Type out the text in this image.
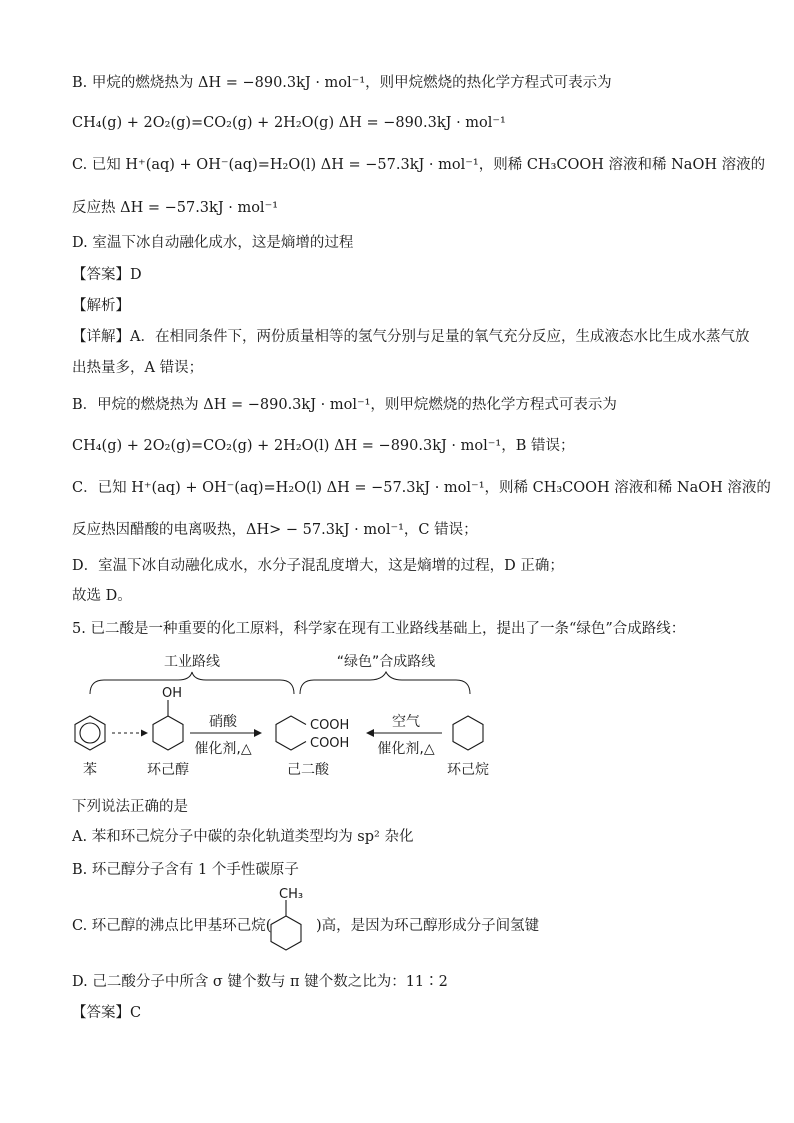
B. 甲烷的燃烧热为 ΔH = −890.3kJ · mol⁻¹，则甲烷燃烧的热化学方程式可表示为
CH₄(g) + 2O₂(g)=CO₂(g) + 2H₂O(g) ΔH = −890.3kJ · mol⁻¹
C. 已知 H⁺(aq) + OH⁻(aq)=H₂O(l) ΔH = −57.3kJ · mol⁻¹，则稀 CH₃COOH 溶液和稀 NaOH 溶液的
反应热 ΔH = −57.3kJ · mol⁻¹
D. 室温下冰自动融化成水，这是熵增的过程
【答案】D
【解析】
【详解】A．在相同条件下，两份质量相等的氢气分别与足量的氧气充分反应，生成液态水比生成水蒸气放
出热量多，A 错误；
B．甲烷的燃烧热为 ΔH = −890.3kJ · mol⁻¹，则甲烷燃烧的热化学方程式可表示为
CH₄(g) + 2O₂(g)=CO₂(g) + 2H₂O(l) ΔH = −890.3kJ · mol⁻¹，B 错误；
C．已知 H⁺(aq) + OH⁻(aq)=H₂O(l) ΔH = −57.3kJ · mol⁻¹，则稀 CH₃COOH 溶液和稀 NaOH 溶液的
反应热因醋酸的电离吸热，ΔH> − 57.3kJ · mol⁻¹，C 错误；
D．室温下冰自动融化成水，水分子混乱度增大，这是熵增的过程，D 正确；
故选 D。
5. 已二酸是一种重要的化工原料，科学家在现有工业路线基础上，提出了一条“绿色”合成路线：
工业路线	“绿色”合成路线
OH
硝酸
催化剂,△
COOH
COOH
空气
催化剂,△
苯	环己醇	己二酸	环己烷
下列说法正确的是
A. 苯和环己烷分子中碳的杂化轨道类型均为 sp² 杂化
B. 环己醇分子含有 1 个手性碳原子
C. 环己醇的沸点比甲基环己烷(
CH₃
)高，是因为环己醇形成分子间氢键
D. 己二酸分子中所含 σ 键个数与 π 键个数之比为：11∶2
【答案】C
